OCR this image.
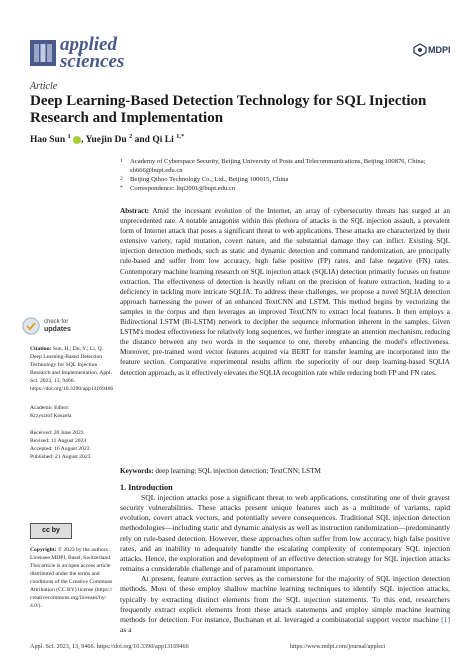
applied
sciences
MDPI
Article
Deep Learning-Based Detection Technology for SQL Injection Research and Implementation
Hao Sun $^1$ , Yuejin Du $^2$ and Qi Li $^{1,*}$
1	Academy of Cyberspace Security, Beijing University of Posts and Telecommunications, Beijing 100876, China; sh666@bupt.edu.cn
2	Beijing Qihoo Technology Co., Ltd., Beijing 100015, China
*	Correspondence: liqi2001@bupt.edu.cn
Abstract: Amid the incessant evolution of the Internet, an array of cybersecurity threats has surged at an unprecedented rate. A notable antagonist within this plethora of attacks is the SQL injection assault, a prevalent form of Internet attack that poses a significant threat to web applications. These attacks are characterized by their extensive variety, rapid mutation, covert nature, and the substantial damage they can inflict. Existing SQL injection detection methods, such as static and dynamic detection and command randomization, are principally rule-based and suffer from low accuracy, high false positive (FP) rates, and false negative (FN) rates. Contemporary machine learning research on SQL injection attack (SQLIA) detection primarily focuses on feature extraction. The effectiveness of detection is heavily reliant on the precision of feature extraction, leading to a deficiency in tackling more intricate SQLIA. To address these challenges, we propose a novel SQLIA detection approach harnessing the power of an enhanced TextCNN and LSTM. This method begins by vectorizing the samples in the corpus and then leverages an improved TextCNN to extract local features. It then employs a Bidirectional LSTM (Bi-LSTM) network to decipher the sequence information inherent in the samples. Given LSTM's modest effectiveness for relatively long sequences, we further integrate an attention mechanism, reducing the distance between any two words in the sequence to one, thereby enhancing the model's effectiveness. Moreover, pre-trained word vector features acquired via BERT for transfer learning are incorporated into the feature section. Comparative experimental results affirm the superiority of our deep learning-based SQLIA detection approach, as it effectively elevates the SQLIA recognition rate while reducing both FP and FN rates.
Keywords: deep learning; SQL injection detection; TextCNN; LSTM
check for
updates
Citation: Sun, H.; Du, Y.; Li, Q. Deep Learning-Based Detection Technology for SQL Injection Research and Implementation. Appl. Sci. 2023, 13, 9466. https://doi.org/10.3390/app13169466
Academic Editor:
Krzysztof Koszela
Received: 20 June 2023
Revised: 11 August 2023
Accepted: 16 August 2023
Published: 21 August 2023
cc by
Copyright: © 2023 by the authors. Licensee MDPI, Basel, Switzerland. This article is an open access article distributed under the terms and conditions of the Creative Commons Attribution (CC BY) license (https:// creativecommons.org/licenses/by/ 4.0/).
1. Introduction

SQL injection attacks pose a significant threat to web applications, constituting one of their gravest security vulnerabilities. These attacks present unique features such as a multitude of variants, rapid evolution, covert attack vectors, and potentially severe consequences. Traditional SQL injection detection methodologies—including static and dynamic analysis as well as instruction randomization—predominantly rely on rule-based detection. However, these approaches often suffer from low accuracy, high false positive rates, and an inability to adequately handle the escalating complexity of contemporary SQL injection attacks. Hence, the exploration and development of an effective detection strategy for SQL injection attacks remains a considerable challenge and of paramount importance.

At present, feature extraction serves as the cornerstone for the majority of SQL injection detection methods. Most of these employ shallow machine learning techniques to identify SQL injection attacks, typically by extracting distinct elements from the SQL injection statements. To this end, researchers frequently extract explicit elements from these attack statements and employ simple machine learning methods for detection. For instance, Buchanan et al. leveraged a combinatorial support vector machine [1] as a

Appl. Sci. 2023, 13, 9466. https://doi.org/10.3390/app13169466	https://www.mdpi.com/journal/applsci
